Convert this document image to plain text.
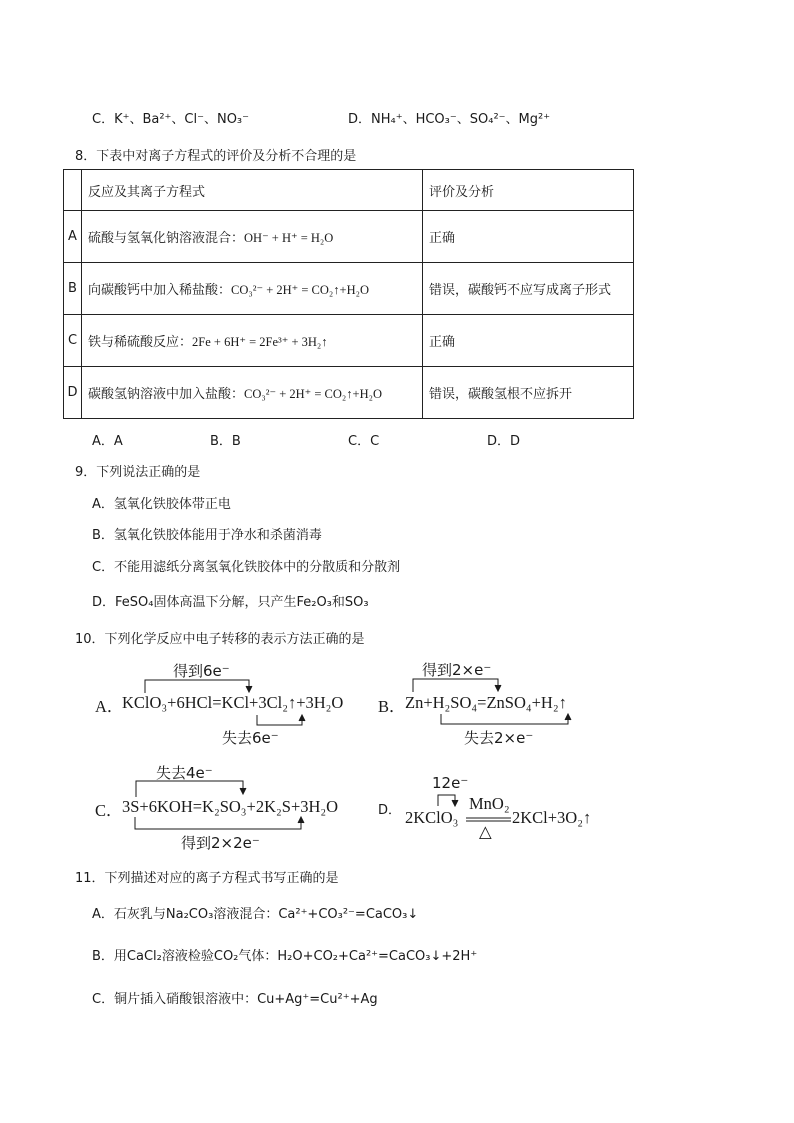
C．K⁺、Ba²⁺、Cl⁻、NO₃⁻	D．NH₄⁺、HCO₃⁻、SO₄²⁻、Mg²⁺
8．下表中对离子方程式的评价及分析不合理的是
	反应及其离子方程式	评价及分析
A	硫酸与氢氧化钠溶液混合：OH⁻ + H⁺ = H₂O	正确
B	向碳酸钙中加入稀盐酸：CO₃²⁻ + 2H⁺ = CO₂↑+H₂O	错误，碳酸钙不应写成离子形式
C	铁与稀硫酸反应：2Fe + 6H⁺ = 2Fe³⁺ + 3H₂↑	正确
D	碳酸氢钠溶液中加入盐酸：CO₃²⁻ + 2H⁺ = CO₂↑+H₂O	错误，碳酸氢根不应拆开
A．A	B．B	C．C	D．D
9．下列说法正确的是
A．氢氧化铁胶体带正电
B．氢氧化铁胶体能用于净水和杀菌消毒
C．不能用滤纸分离氢氧化铁胶体中的分散质和分散剂
D．FeSO₄固体高温下分解，只产生Fe₂O₃和SO₃
10．下列化学反应中电子转移的表示方法正确的是
A．
KClO₃+6HCl=KCl+3Cl₂↑+3H₂O
得到6e⁻
失去6e⁻
B． Zn+H₂SO₄=ZnSO₄+H₂↑
得到2×e⁻
失去2×e⁻
C． 3S+6KOH=K₂SO₃+2K₂S+3H₂O
失去4e⁻
得到2×2e⁻
D．
12e⁻
2KClO₃
MnO₂
△
2KCl+3O₂↑
11．下列描述对应的离子方程式书写正确的是
A．石灰乳与Na₂CO₃溶液混合：Ca²⁺+CO₃²⁻=CaCO₃↓
B．用CaCl₂溶液检验CO₂气体：H₂O+CO₂+Ca²⁺=CaCO₃↓+2H⁺
C．铜片插入硝酸银溶液中：Cu+Ag⁺=Cu²⁺+Ag
